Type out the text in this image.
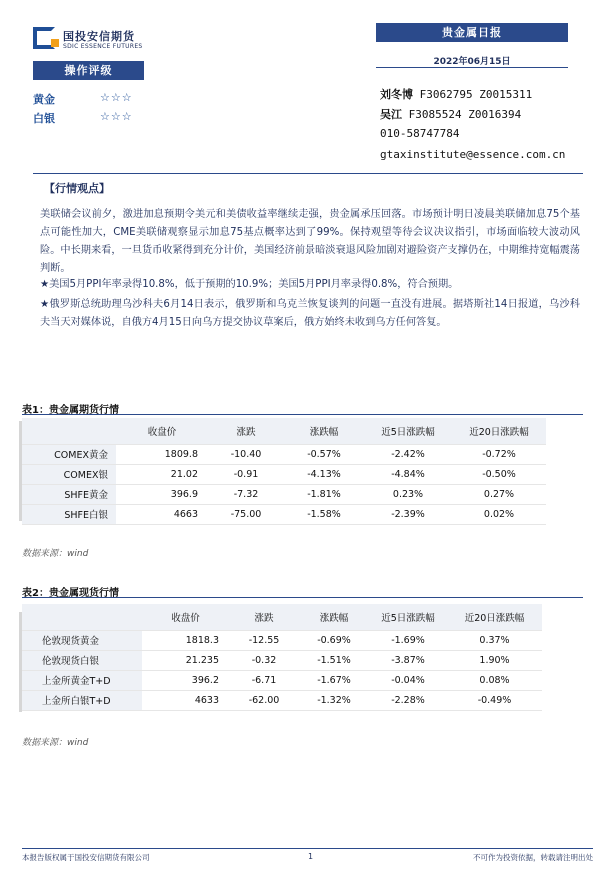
国投安信期货
SDIC ESSENCE FUTURES
贵金属日报
2022年06月15日
操作评级
黄金	☆☆☆
白银	☆☆☆
刘冬博 F3062795 Z0015311
吴江 F3085524 Z0016394
010-58747784
gtaxinstitute@essence.com.cn
【行情观点】
美联储会议前夕，激进加息预期令美元和美债收益率继续走强，贵金属承压回落。市场预计明日凌晨美联储加息75个基点可能性加大，CME美联储观察显示加息75基点概率达到了99%。保持观望等待会议决议指引，市场面临较大波动风险。中长期来看，一旦货币收紧得到充分计价，美国经济前景暗淡衰退风险加剧对避险资产支撑仍在，中期维持宽幅震荡判断。
★美国5月PPI年率录得10.8%，低于预期的10.9%；美国5月PPI月率录得0.8%，符合预期。
★俄罗斯总统助理乌沙科夫6月14日表示，俄罗斯和乌克兰恢复谈判的问题一直没有进展。据塔斯社14日报道，乌沙科夫当天对媒体说，自俄方4月15日向乌方提交协议草案后，俄方始终未收到乌方任何答复。
表1：贵金属期货行情
	收盘价	涨跌	涨跌幅	近5日涨跌幅	近20日涨跌幅
COMEX黄金	1809.8	-10.40	-0.57%	-2.42%	-0.72%
COMEX银	21.02	-0.91	-4.13%	-4.84%	-0.50%
SHFE黄金	396.9	-7.32	-1.81%	0.23%	0.27%
SHFE白银	4663	-75.00	-1.58%	-2.39%	0.02%
数据来源：wind
表2：贵金属现货行情
	收盘价	涨跌	涨跌幅	近5日涨跌幅	近20日涨跌幅
伦敦现货黄金	1818.3	-12.55	-0.69%	-1.69%	0.37%
伦敦现货白银	21.235	-0.32	-1.51%	-3.87%	1.90%
上金所黄金T+D	396.2	-6.71	-1.67%	-0.04%	0.08%
上金所白银T+D	4633	-62.00	-1.32%	-2.28%	-0.49%
数据来源：wind
本报告版权属于国投安信期货有限公司	1	不可作为投资依据，转载请注明出处
